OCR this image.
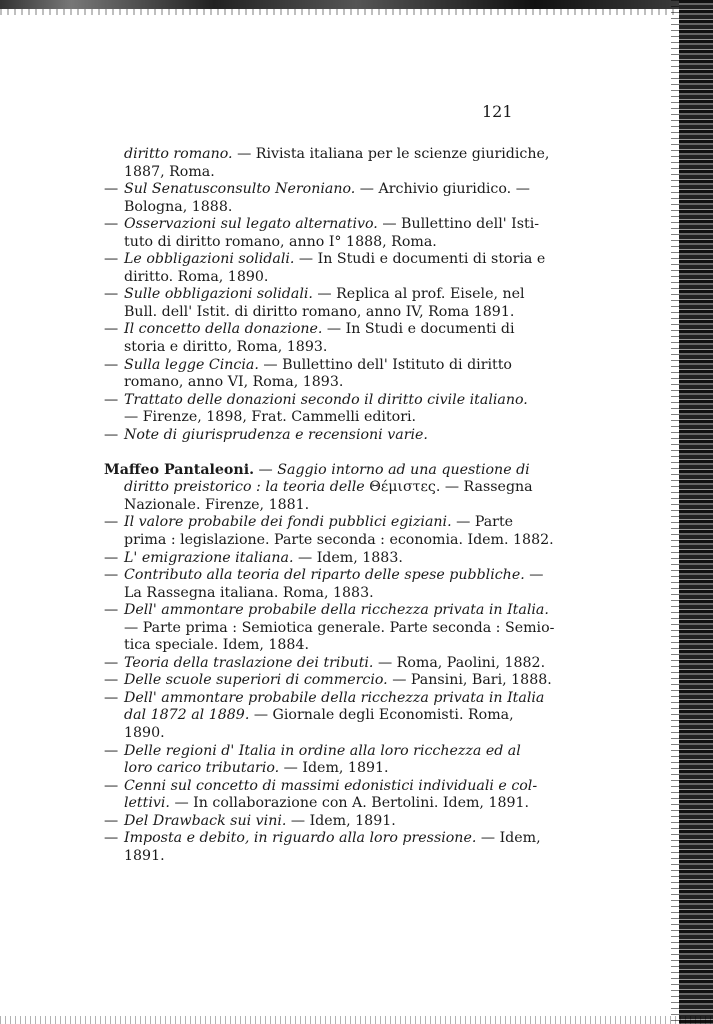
121
diritto romano. — Rivista italiana per le scienze giuridiche,
1887, Roma.
— Sul Senatusconsulto Neroniano. — Archivio giuridico. —
Bologna, 1888.
— Osservazioni sul legato alternativo. — Bullettino dell' Isti-
tuto di diritto romano, anno I° 1888, Roma.
— Le obbligazioni solidali. — In Studi e documenti di storia e
diritto. Roma, 1890.
— Sulle obbligazioni solidali. — Replica al prof. Eisele, nel
Bull. dell' Istit. di diritto romano, anno IV, Roma 1891.
— Il concetto della donazione. — In Studi e documenti di
storia e diritto, Roma, 1893.
— Sulla legge Cincia. — Bullettino dell' Istituto di diritto
romano, anno VI, Roma, 1893.
— Trattato delle donazioni secondo il diritto civile italiano.
— Firenze, 1898, Frat. Cammelli editori.
— Note di giurisprudenza e recensioni varie.
Maffeo Pantaleoni. — Saggio intorno ad una questione di
diritto preistorico : la teoria delle Θέμιστες. — Rassegna
Nazionale. Firenze, 1881.
— Il valore probabile dei fondi pubblici egiziani. — Parte
prima : legislazione. Parte seconda : economia. Idem. 1882.
— L' emigrazione italiana. — Idem, 1883.
— Contributo alla teoria del riparto delle spese pubbliche. —
La Rassegna italiana. Roma, 1883.
— Dell' ammontare probabile della ricchezza privata in Italia.
— Parte prima : Semiotica generale. Parte seconda : Semio-
tica speciale. Idem, 1884.
— Teoria della traslazione dei tributi. — Roma, Paolini, 1882.
— Delle scuole superiori di commercio. — Pansini, Bari, 1888.
— Dell' ammontare probabile della ricchezza privata in Italia
dal 1872 al 1889. — Giornale degli Economisti. Roma,
1890.
— Delle regioni d' Italia in ordine alla loro ricchezza ed al
loro carico tributario. — Idem, 1891.
— Cenni sul concetto di massimi edonistici individuali e col-
lettivi. — In collaborazione con A. Bertolini. Idem, 1891.
— Del Drawback sui vini. — Idem, 1891.
— Imposta e debito, in riguardo alla loro pressione. — Idem,
1891.
